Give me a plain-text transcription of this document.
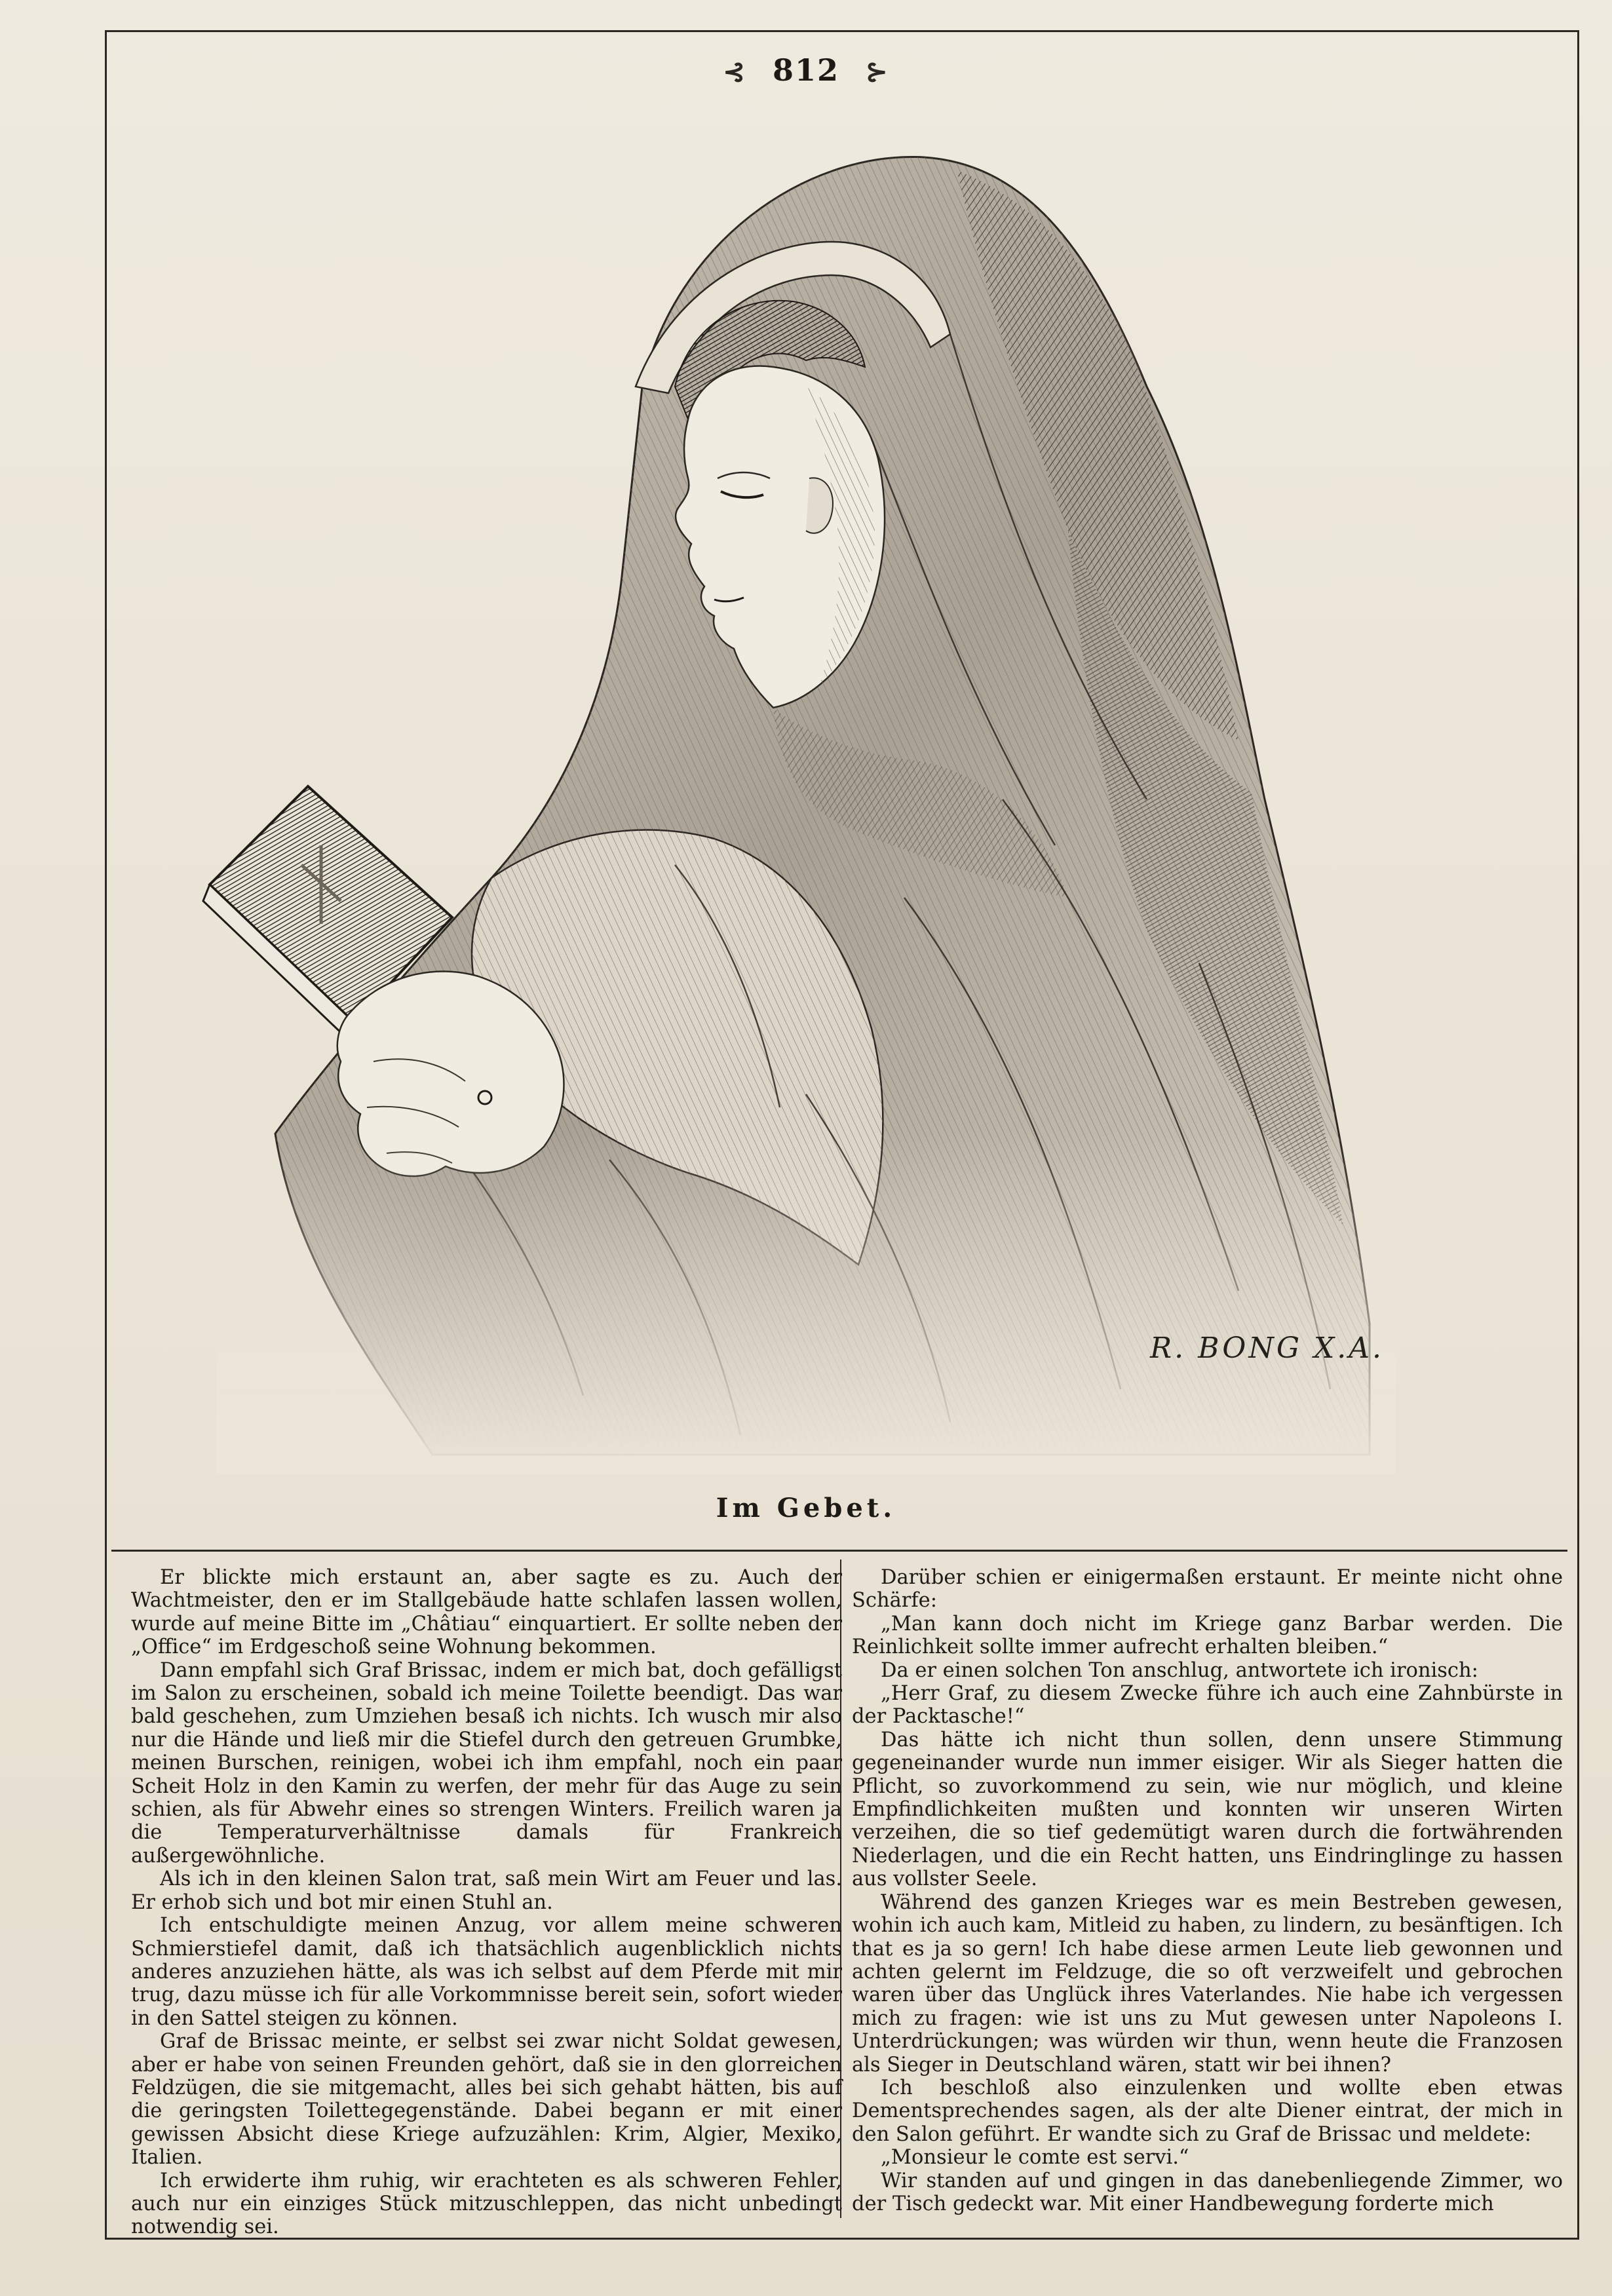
⊰ 812 ⊱
R. BONG X.A.
Im Gebet.

Er blickte mich erstaunt an, aber sagte es zu. Auch der Wachtmeister, den er im Stallgebäude hatte schlafen lassen wollen, wurde auf meine Bitte im „Châtiau“ einquartiert. Er sollte neben der „Office“ im Erdgeschoß seine Wohnung bekommen.

Dann empfahl sich Graf Brissac, indem er mich bat, doch gefälligst im Salon zu erscheinen, sobald ich meine Toilette beendigt. Das war bald geschehen, zum Umziehen besaß ich nichts. Ich wusch mir also nur die Hände und ließ mir die Stiefel durch den getreuen Grumbke, meinen Burschen, reinigen, wobei ich ihm empfahl, noch ein paar Scheit Holz in den Kamin zu werfen, der mehr für das Auge zu sein schien, als für Abwehr eines so strengen Winters. Freilich waren ja die Temperaturverhältnisse damals für Frankreich außergewöhnliche.

Als ich in den kleinen Salon trat, saß mein Wirt am Feuer und las. Er erhob sich und bot mir einen Stuhl an.

Ich entschuldigte meinen Anzug, vor allem meine schweren Schmierstiefel damit, daß ich thatsächlich augenblicklich nichts anderes anzuziehen hätte, als was ich selbst auf dem Pferde mit mir trug, dazu müsse ich für alle Vorkommnisse bereit sein, sofort wieder in den Sattel steigen zu können.

Graf de Brissac meinte, er selbst sei zwar nicht Soldat gewesen, aber er habe von seinen Freunden gehört, daß sie in den glorreichen Feldzügen, die sie mitgemacht, alles bei sich gehabt hätten, bis auf die geringsten Toilettegegenstände. Dabei begann er mit einer gewissen Absicht diese Kriege aufzuzählen: Krim, Algier, Mexiko, Italien.

Ich erwiderte ihm ruhig, wir erachteten es als schweren Fehler, auch nur ein einziges Stück mitzuschleppen, das nicht unbedingt notwendig sei.

Darüber schien er einigermaßen erstaunt. Er meinte nicht ohne Schärfe:

„Man kann doch nicht im Kriege ganz Barbar werden. Die Reinlichkeit sollte immer aufrecht erhalten bleiben.“

Da er einen solchen Ton anschlug, antwortete ich ironisch:

„Herr Graf, zu diesem Zwecke führe ich auch eine Zahnbürste in der Packtasche!“

Das hätte ich nicht thun sollen, denn unsere Stimmung gegeneinander wurde nun immer eisiger. Wir als Sieger hatten die Pflicht, so zuvorkommend zu sein, wie nur möglich, und kleine Empfindlichkeiten mußten und konnten wir unseren Wirten verzeihen, die so tief gedemütigt waren durch die fortwährenden Niederlagen, und die ein Recht hatten, uns Eindringlinge zu hassen aus vollster Seele.

Während des ganzen Krieges war es mein Bestreben gewesen, wohin ich auch kam, Mitleid zu haben, zu lindern, zu besänftigen. Ich that es ja so gern! Ich habe diese armen Leute lieb gewonnen und achten gelernt im Feldzuge, die so oft verzweifelt und gebrochen waren über das Unglück ihres Vaterlandes. Nie habe ich vergessen mich zu fragen: wie ist uns zu Mut gewesen unter Napoleons I. Unterdrückungen; was würden wir thun, wenn heute die Franzosen als Sieger in Deutschland wären, statt wir bei ihnen?

Ich beschloß also einzulenken und wollte eben etwas Dementsprechendes sagen, als der alte Diener eintrat, der mich in den Salon geführt. Er wandte sich zu Graf de Brissac und meldete:

„Monsieur le comte est servi.“

Wir standen auf und gingen in das danebenliegende Zimmer, wo der Tisch gedeckt war. Mit einer Handbewegung forderte mich
